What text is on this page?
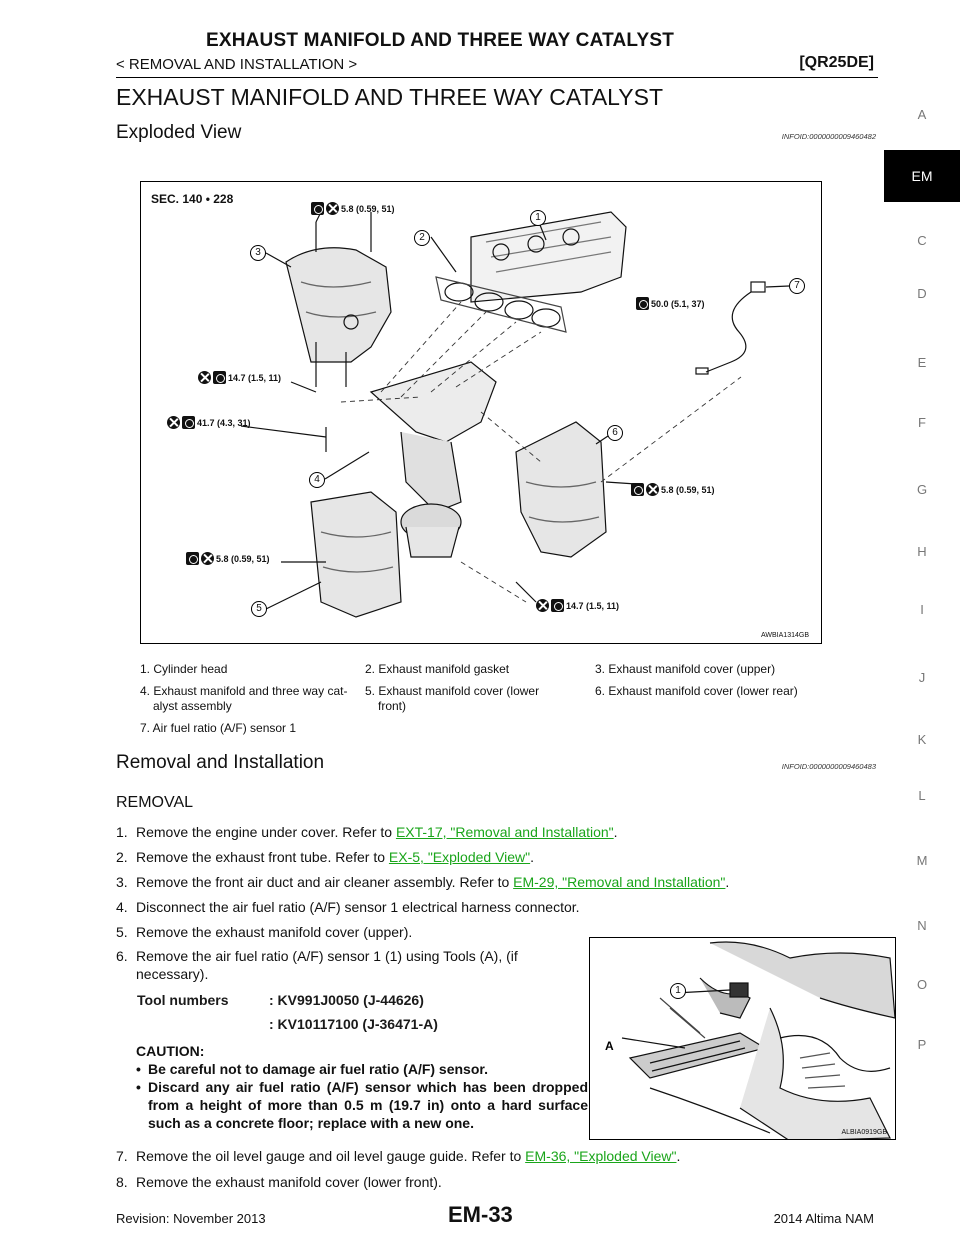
EXHAUST MANIFOLD AND THREE WAY CATALYST
< REMOVAL AND INSTALLATION >	[QR25DE]
A
EM
C
D
E
F
G
H
I
J
K
L
M
N
O
P
EXHAUST MANIFOLD AND THREE WAY CATALYST
Exploded View	INFOID:0000000009460482
SEC. 140 • 228
5.8 (0.59, 51)
50.0 (5.1, 37)
14.7 (1.5, 11)
41.7 (4.3, 31)
5.8 (0.59, 51)
5.8 (0.59, 51)
14.7 (1.5, 11)
1
2
3
4
5
6
7
AWBIA1314GB
1. Cylinder head	2. Exhaust manifold gasket	3. Exhaust manifold cover (upper)
4. Exhaust manifold and three way cat-
alyst assembly
5. Exhaust manifold cover (lower
front)
6. Exhaust manifold cover (lower rear)
7. Air fuel ratio (A/F) sensor 1
Removal and Installation	INFOID:0000000009460483
REMOVAL
1. Remove the engine under cover. Refer to EXT-17, "Removal and Installation".
2. Remove the exhaust front tube. Refer to EX-5, "Exploded View".
3. Remove the front air duct and air cleaner assembly. Refer to EM-29, "Removal and Installation".
4. Disconnect the air fuel ratio (A/F) sensor 1 electrical harness connector.
5. Remove the exhaust manifold cover (upper).
6. Remove the air fuel ratio (A/F) sensor 1 (1) using Tools (A), (if
necessary).
Tool numbers	: KV991J0050 (J-44626)
: KV10117100 (J-36471-A)
CAUTION:
• Be careful not to damage air fuel ratio (A/F) sensor.
• Discard any air fuel ratio (A/F) sensor which has been dropped from a height of more than 0.5 m (19.7 in) onto a hard surface such as a concrete floor; replace with a new one.
A
1
ALBIA0919GB
7. Remove the oil level gauge and oil level gauge guide. Refer to EM-36, "Exploded View".
8. Remove the exhaust manifold cover (lower front).
Revision: November 2013	EM-33	2014 Altima NAM
